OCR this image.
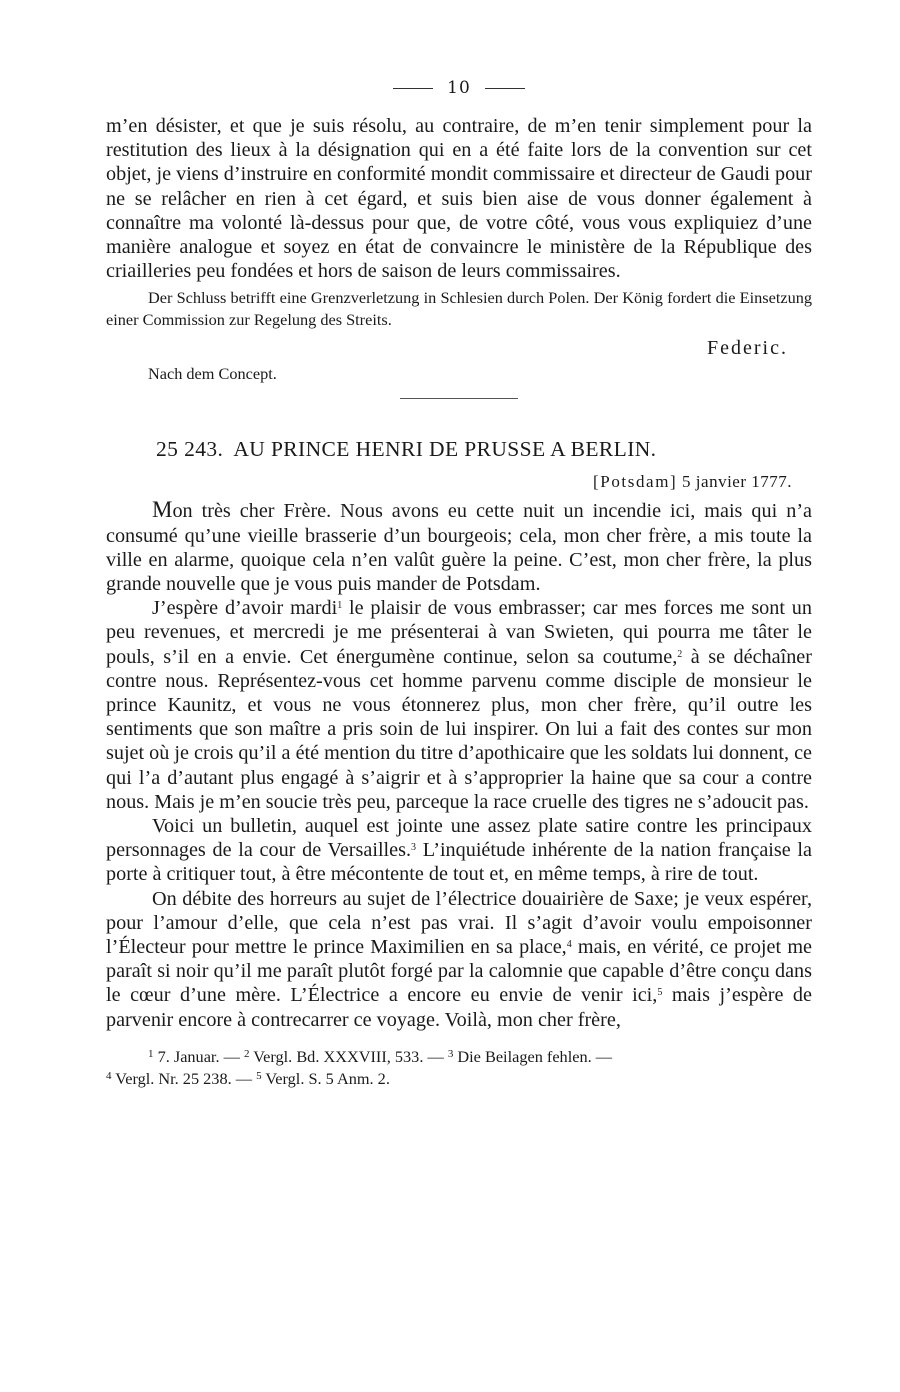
10

m’en désister, et que je suis résolu, au contraire, de m’en tenir simplement pour la restitution des lieux à la désignation qui en a été faite lors de la convention sur cet objet, je viens d’instruire en conformité mondit commissaire et directeur de Gaudi pour ne se relâcher en rien à cet égard, et suis bien aise de vous donner également à connaître ma volonté là-dessus pour que, de votre côté, vous vous expliquiez d’une manière analogue et soyez en état de convaincre le ministère de la République des criailleries peu fondées et hors de saison de leurs commissaires.

Der Schluss betrifft eine Grenzverletzung in Schlesien durch Polen. Der König fordert die Einsetzung einer Commission zur Regelung des Streits.

Federic.
Nach dem Concept.
25 243. AU PRINCE HENRI DE PRUSSE A BERLIN.
[Potsdam] 5 janvier 1777.

Mon très cher Frère. Nous avons eu cette nuit un incendie ici, mais qui n’a consumé qu’une vieille brasserie d’un bourgeois; cela, mon cher frère, a mis toute la ville en alarme, quoique cela n’en valût guère la peine. C’est, mon cher frère, la plus grande nouvelle que je vous puis mander de Potsdam.

J’espère d’avoir mardi$^1$ le plaisir de vous embrasser; car mes forces me sont un peu revenues, et mercredi je me présenterai à van Swieten, qui pourra me tâter le pouls, s’il en a envie. Cet énergumène continue, selon sa coutume,$^2$ à se déchaîner contre nous. Représentez-vous cet homme parvenu comme disciple de monsieur le prince Kaunitz, et vous ne vous étonnerez plus, mon cher frère, qu’il outre les sentiments que son maître a pris soin de lui inspirer. On lui a fait des contes sur mon sujet où je crois qu’il a été mention du titre d’apothicaire que les soldats lui donnent, ce qui l’a d’autant plus engagé à s’aigrir et à s’approprier la haine que sa cour a contre nous. Mais je m’en soucie très peu, parceque la race cruelle des tigres ne s’adoucit pas.

Voici un bulletin, auquel est jointe une assez plate satire contre les principaux personnages de la cour de Versailles.$^3$ L’inquiétude inhérente de la nation française la porte à critiquer tout, à être mécontente de tout et, en même temps, à rire de tout.

On débite des horreurs au sujet de l’électrice douairière de Saxe; je veux espérer, pour l’amour d’elle, que cela n’est pas vrai. Il s’agit d’avoir voulu empoisonner l’Électeur pour mettre le prince Maximilien en sa place,$^4$ mais, en vérité, ce projet me paraît si noir qu’il me paraît plutôt forgé par la calomnie que capable d’être conçu dans le cœur d’une mère. L’Électrice a encore eu envie de venir ici,$^5$ mais j’espère de parvenir encore à contrecarrer ce voyage. Voilà, mon cher frère,

$^1$ 7. Januar. — $^2$ Vergl. Bd. XXXVIII, 533. — $^3$ Die Beilagen fehlen. —
$^4$ Vergl. Nr. 25 238. — $^5$ Vergl. S. 5 Anm. 2.
